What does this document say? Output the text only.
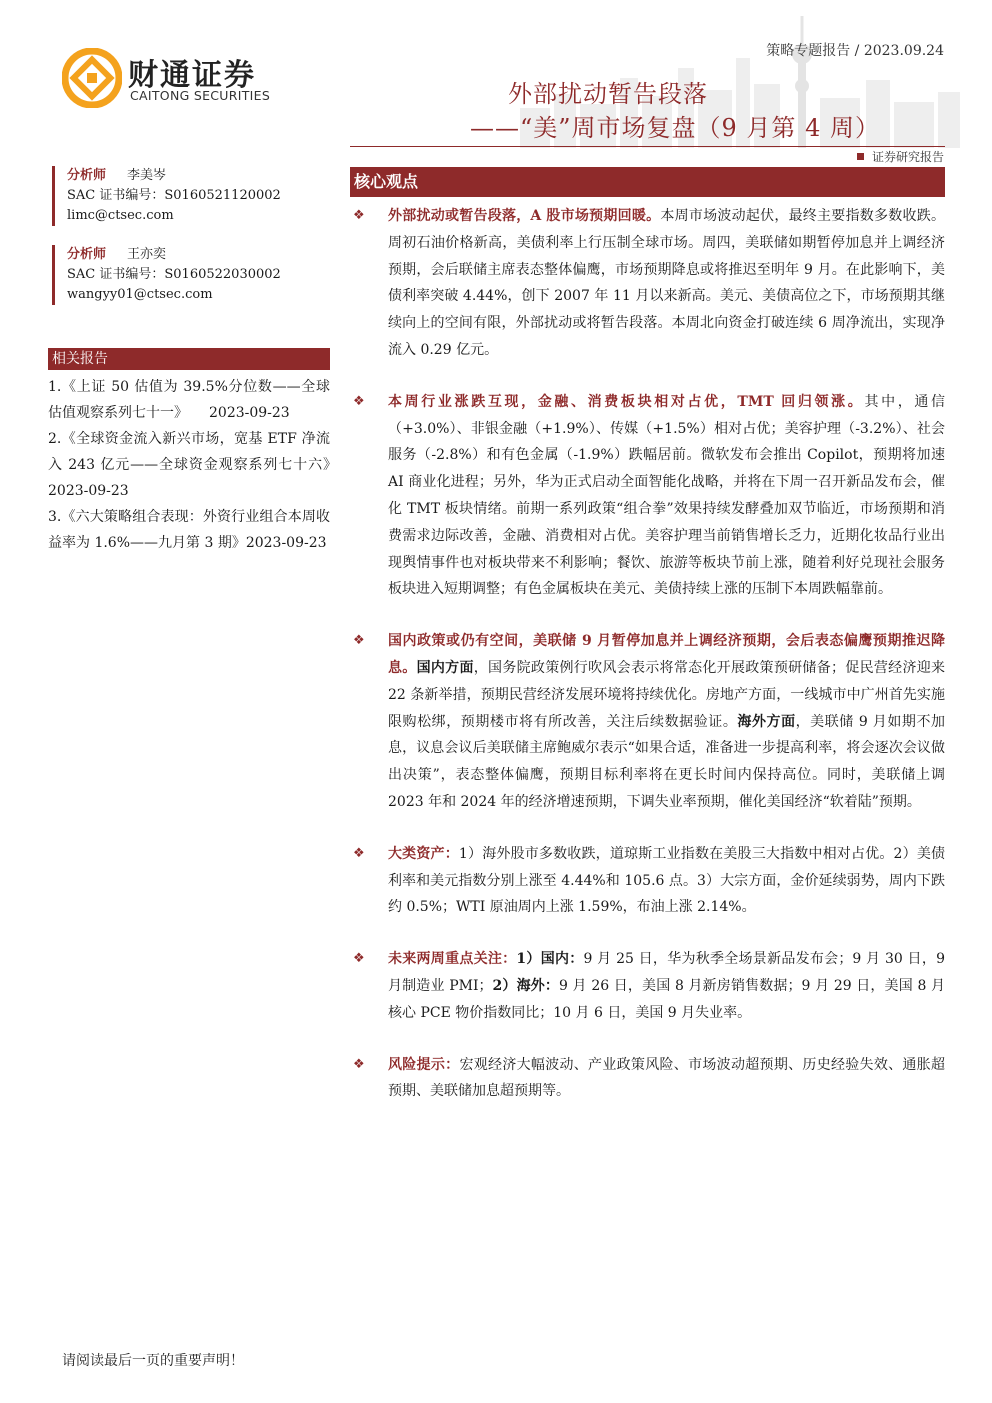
财通证券
CAITONG SECURITIES
策略专题报告 / 2023.09.24
外部扰动暂告段落
——“美”周市场复盘（9 月第 4 周）
证券研究报告
分析师 李美岑
SAC 证书编号：S0160521120002
limc@ctsec.com
分析师 王亦奕
SAC 证书编号：S0160522030002
wangyy01@ctsec.com
相关报告
1.《上证 50 估值为 39.5%分位数——全球估值观察系列七十一》　　2023-09-23
2.《全球资金流入新兴市场，宽基 ETF 净流入 243 亿元——全球资金观察系列七十六》　2023-09-23
3.《六大策略组合表现：外资行业组合本周收益率为 1.6%——九月第 3 期》2023-09-23
核心观点
❖ 外部扰动或暂告段落，A 股市场预期回暖。本周市场波动起伏，最终主要指数多数收跌。周初石油价格新高，美债利率上行压制全球市场。周四，美联储如期暂停加息并上调经济预期，会后联储主席表态整体偏鹰，市场预期降息或将推迟至明年 9 月。在此影响下，美债利率突破 4.44%，创下 2007 年 11 月以来新高。美元、美债高位之下，市场预期其继续向上的空间有限，外部扰动或将暂告段落。本周北向资金打破连续 6 周净流出，实现净流入 0.29 亿元。
❖ 本周行业涨跌互现，金融、消费板块相对占优，TMT 回归领涨。其中，通信（+3.0%）、非银金融（+1.9%）、传媒（+1.5%）相对占优；美容护理（-3.2%）、社会服务（-2.8%）和有色金属（-1.9%）跌幅居前。微软发布会推出 Copilot，预期将加速 AI 商业化进程；另外，华为正式启动全面智能化战略，并将在下周一召开新品发布会，催化 TMT 板块情绪。前期一系列政策“组合拳”效果持续发酵叠加双节临近，市场预期和消费需求边际改善，金融、消费相对占优。美容护理当前销售增长乏力，近期化妆品行业出现舆情事件也对板块带来不利影响；餐饮、旅游等板块节前上涨，随着利好兑现社会服务板块进入短期调整；有色金属板块在美元、美债持续上涨的压制下本周跌幅靠前。
❖ 国内政策或仍有空间，美联储 9 月暂停加息并上调经济预期，会后表态偏鹰预期推迟降息。国内方面，国务院政策例行吹风会表示将常态化开展政策预研储备；促民营经济迎来 22 条新举措，预期民营经济发展环境将持续优化。房地产方面，一线城市中广州首先实施限购松绑，预期楼市将有所改善，关注后续数据验证。海外方面，美联储 9 月如期不加息，议息会议后美联储主席鲍威尔表示“如果合适，准备进一步提高利率，将会逐次会议做出决策”，表态整体偏鹰，预期目标利率将在更长时间内保持高位。同时，美联储上调 2023 年和 2024 年的经济增速预期，下调失业率预期，催化美国经济“软着陆”预期。
❖ 大类资产：1）海外股市多数收跌，道琼斯工业指数在美股三大指数中相对占优。2）美债利率和美元指数分别上涨至 4.44%和 105.6 点。3）大宗方面，金价延续弱势，周内下跌约 0.5%；WTI 原油周内上涨 1.59%，布油上涨 2.14%。
❖ 未来两周重点关注：1）国内：9 月 25 日，华为秋季全场景新品发布会；9 月 30 日，9 月制造业 PMI；2）海外：9 月 26 日，美国 8 月新房销售数据；9 月 29 日，美国 8 月核心 PCE 物价指数同比；10 月 6 日，美国 9 月失业率。
❖ 风险提示：宏观经济大幅波动、产业政策风险、市场波动超预期、历史经验失效、通胀超预期、美联储加息超预期等。
请阅读最后一页的重要声明！
